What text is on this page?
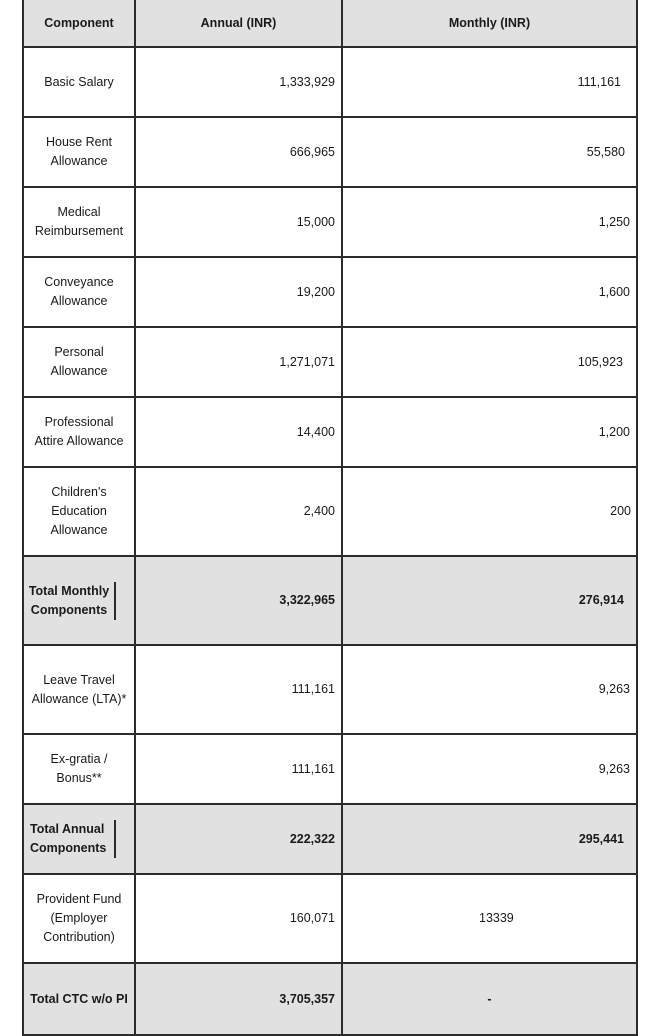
Component	Annual (INR)	Monthly (INR)
Basic Salary	1,333,929	111,161
House Rent Allowance	666,965	55,580
Medical Reimbursement	15,000	1,250
Conveyance Allowance	19,200	1,600
Personal Allowance	1,271,071	105,923
Professional Attire Allowance	14,400	1,200
Children's Education Allowance	2,400	200

Total Monthly Components	3,322,965	276,914
Leave Travel Allowance (LTA)*	111,161	9,263
Ex-gratia / Bonus**	111,161	9,263

Total Annual Components	222,322	295,441
Provident Fund (Employer Contribution)	160,071	13339

Total CTC w/o PI	3,705,357	-
